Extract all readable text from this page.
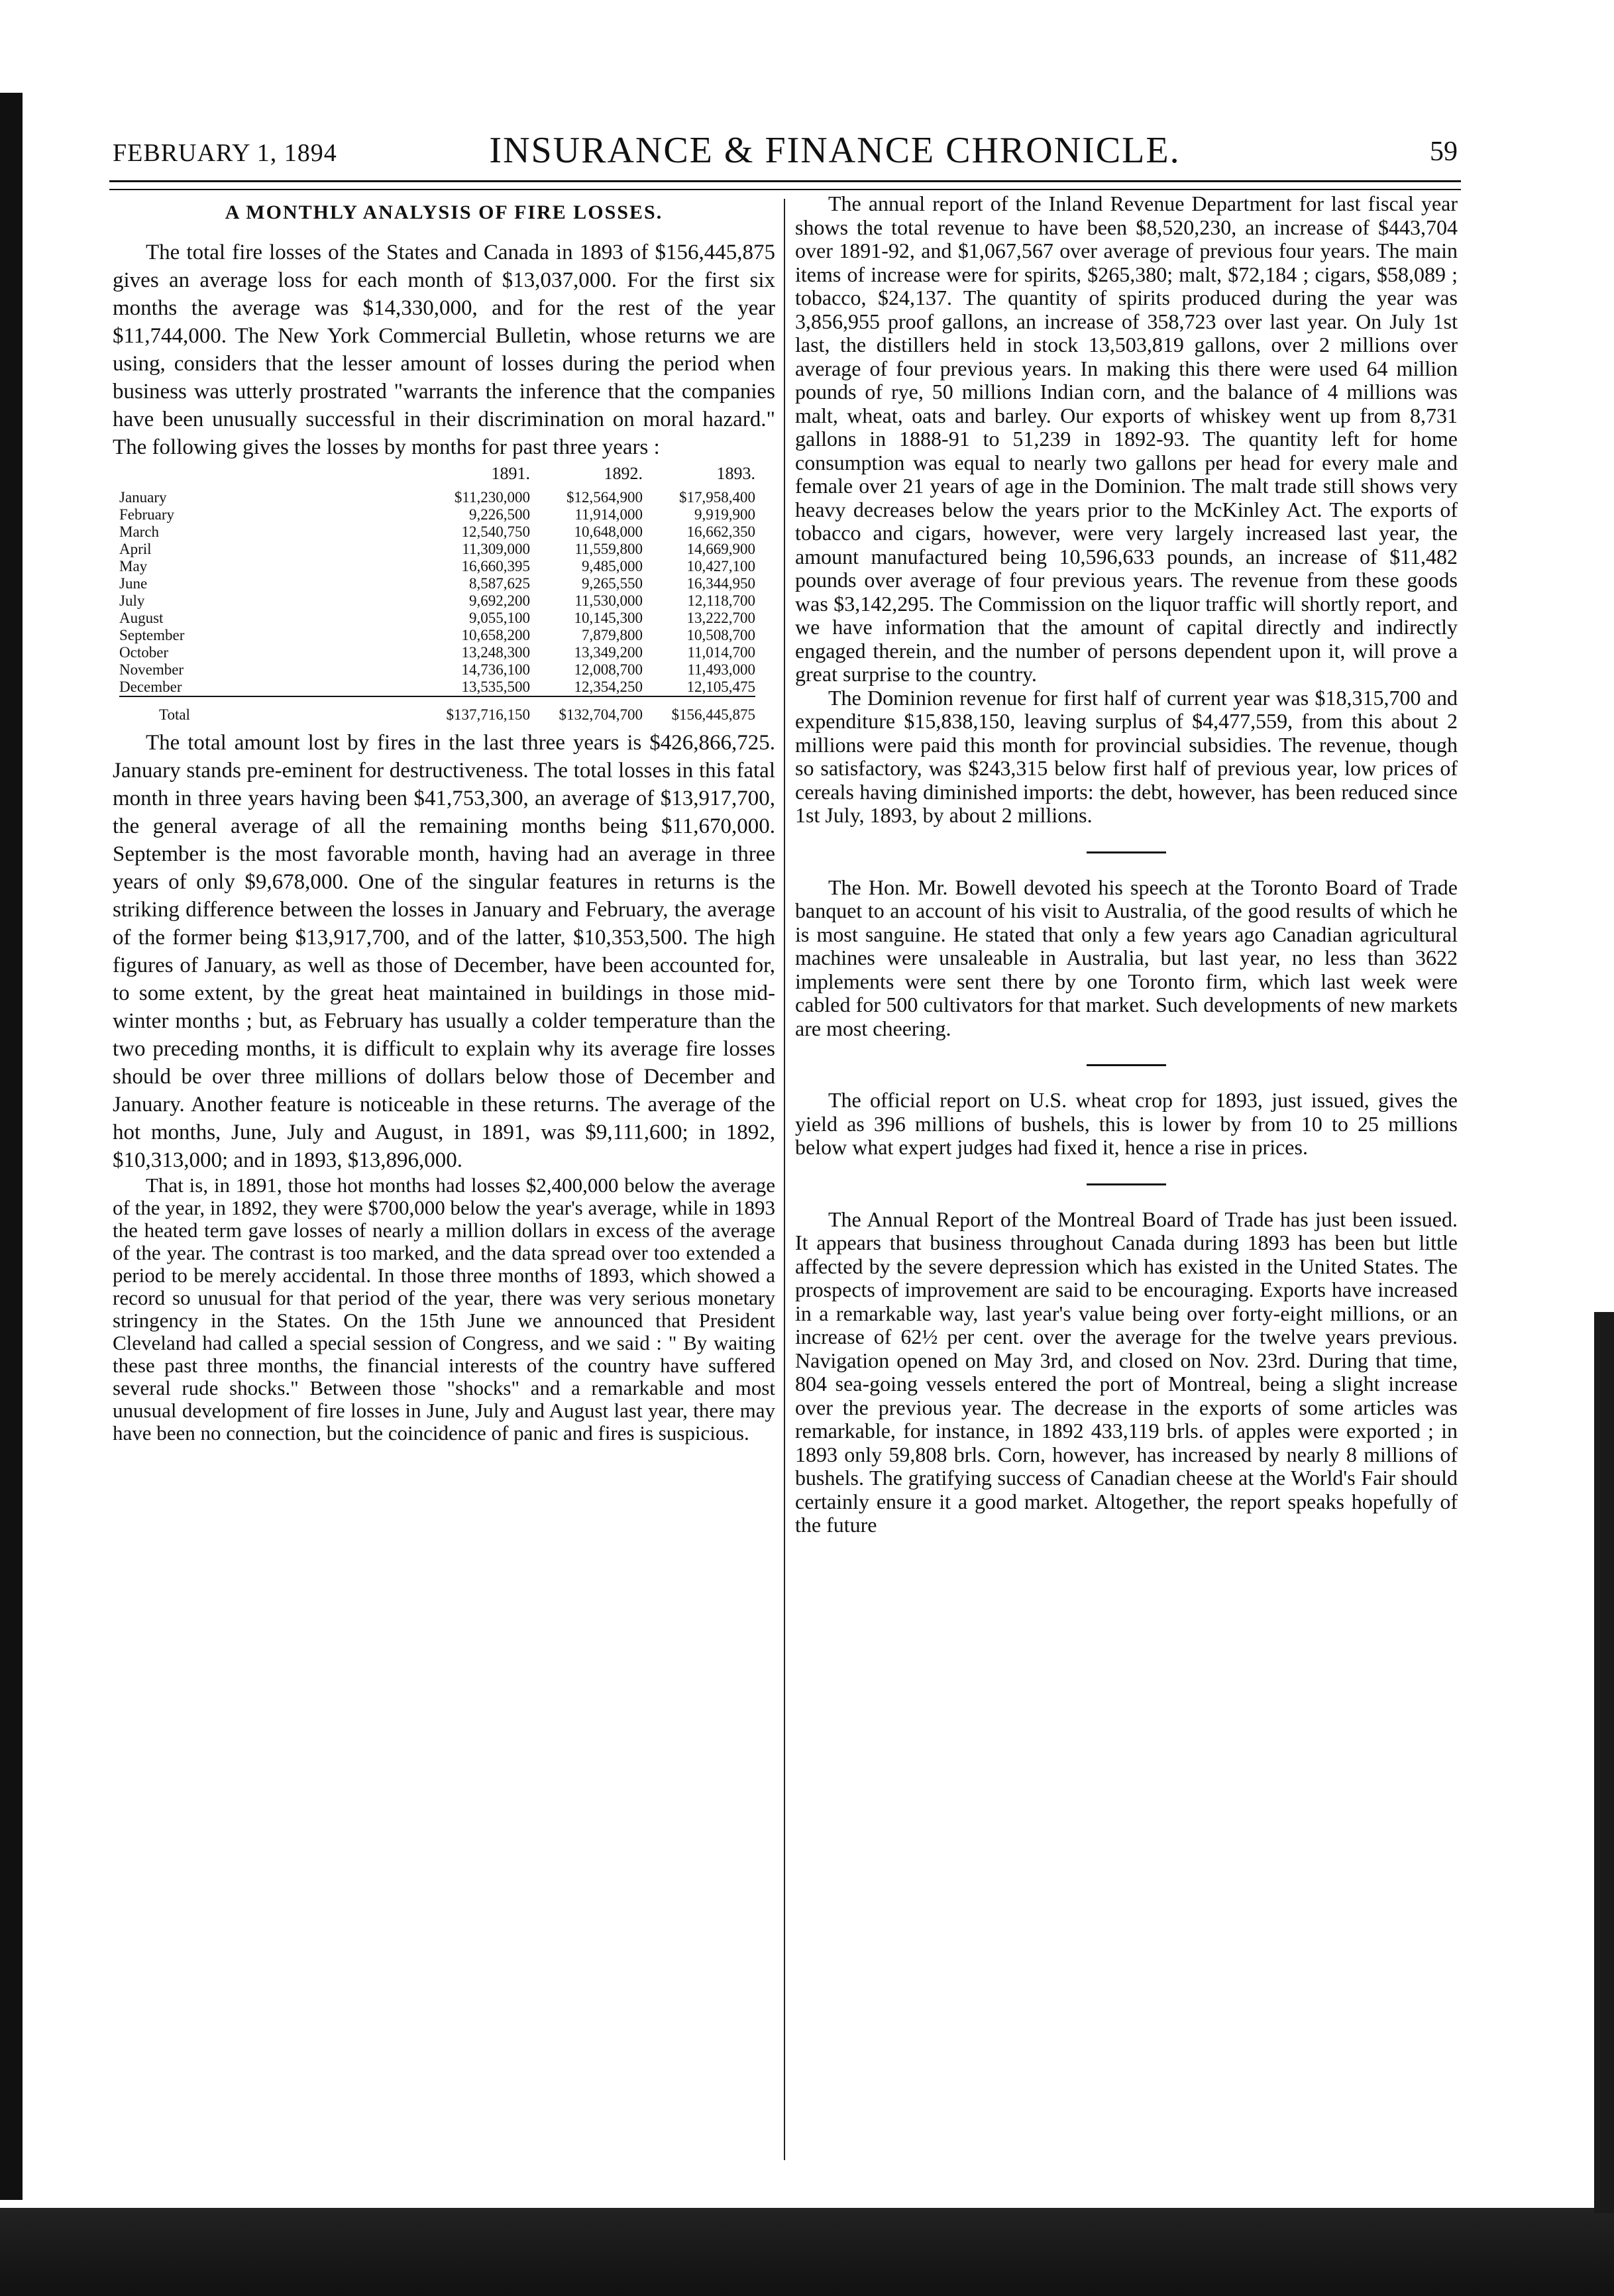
FEBRUARY 1, 1894	INSURANCE & FINANCE CHRONICLE.	59
A MONTHLY ANALYSIS OF FIRE LOSSES.

The total fire losses of the States and Canada in 1893 of $156,445,875 gives an average loss for each month of $13,037,000. For the first six months the average was $14,330,000, and for the rest of the year $11,744,000. The New York Commercial Bulletin, whose returns we are using, considers that the lesser amount of losses during the period when business was utterly prostrated "warrants the inference that the companies have been unusually successful in their discrimination on moral hazard." The following gives the losses by months for past three years :

	1891.	1892.	1893.
January	$11,230,000	$12,564,900	$17,958,400
February	9,226,500	11,914,000	9,919,900
March	12,540,750	10,648,000	16,662,350
April	11,309,000	11,559,800	14,669,900
May	16,660,395	9,485,000	10,427,100
June	8,587,625	9,265,550	16,344,950
July	9,692,200	11,530,000	12,118,700
August	9,055,100	10,145,300	13,222,700
September	10,658,200	7,879,800	10,508,700
October	13,248,300	13,349,200	11,014,700
November	14,736,100	12,008,700	11,493,000
December	13,535,500	12,354,250	12,105,475
Total	$137,716,150	$132,704,700	$156,445,875

The total amount lost by fires in the last three years is $426,866,725. January stands pre-eminent for destructiveness. The total losses in this fatal month in three years having been $41,753,300, an average of $13,917,700, the general average of all the remaining months being $11,670,000. September is the most favorable month, having had an average in three years of only $9,678,000. One of the singular features in returns is the striking difference between the losses in January and February, the average of the former being $13,917,700, and of the latter, $10,353,500. The high figures of January, as well as those of December, have been accounted for, to some extent, by the great heat maintained in buildings in those mid-winter months ; but, as February has usually a colder temperature than the two preceding months, it is difficult to explain why its average fire losses should be over three millions of dollars below those of December and January. Another feature is noticeable in these returns. The average of the hot months, June, July and August, in 1891, was $9,111,600; in 1892, $10,313,000; and in 1893, $13,896,000.

That is, in 1891, those hot months had losses $2,400,000 below the average of the year, in 1892, they were $700,000 below the year's average, while in 1893 the heated term gave losses of nearly a million dollars in excess of the average of the year. The contrast is too marked, and the data spread over too extended a period to be merely accidental. In those three months of 1893, which showed a record so unusual for that period of the year, there was very serious monetary stringency in the States. On the 15th June we announced that President Cleveland had called a special session of Congress, and we said : " By waiting these past three months, the financial interests of the country have suffered several rude shocks." Between those "shocks" and a remarkable and most unusual development of fire losses in June, July and August last year, there may have been no connection, but the coincidence of panic and fires is suspicious.

The annual report of the Inland Revenue Department for last fiscal year shows the total revenue to have been $8,520,230, an increase of $443,704 over 1891-92, and $1,067,567 over average of previous four years. The main items of increase were for spirits, $265,380; malt, $72,184 ; cigars, $58,089 ; tobacco, $24,137. The quantity of spirits produced during the year was 3,856,955 proof gallons, an increase of 358,723 over last year. On July 1st last, the distillers held in stock 13,503,819 gallons, over 2 millions over average of four previous years. In making this there were used 64 million pounds of rye, 50 millions Indian corn, and the balance of 4 millions was malt, wheat, oats and barley. Our exports of whiskey went up from 8,731 gallons in 1888-91 to 51,239 in 1892-93. The quantity left for home consumption was equal to nearly two gallons per head for every male and female over 21 years of age in the Dominion. The malt trade still shows very heavy decreases below the years prior to the McKinley Act. The exports of tobacco and cigars, however, were very largely increased last year, the amount manufactured being 10,596,633 pounds, an increase of $11,482 pounds over average of four previous years. The revenue from these goods was $3,142,295. The Commission on the liquor traffic will shortly report, and we have information that the amount of capital directly and indirectly engaged therein, and the number of persons dependent upon it, will prove a great surprise to the country.

The Dominion revenue for first half of current year was $18,315,700 and expenditure $15,838,150, leaving surplus of $4,477,559, from this about 2 millions were paid this month for provincial subsidies. The revenue, though so satisfactory, was $243,315 below first half of previous year, low prices of cereals having diminished imports: the debt, however, has been reduced since 1st July, 1893, by about 2 millions.

The Hon. Mr. Bowell devoted his speech at the Toronto Board of Trade banquet to an account of his visit to Australia, of the good results of which he is most sanguine. He stated that only a few years ago Canadian agricultural machines were unsaleable in Australia, but last year, no less than 3622 implements were sent there by one Toronto firm, which last week were cabled for 500 cultivators for that market. Such developments of new markets are most cheering.

The official report on U.S. wheat crop for 1893, just issued, gives the yield as 396 millions of bushels, this is lower by from 10 to 25 millions below what expert judges had fixed it, hence a rise in prices.

The Annual Report of the Montreal Board of Trade has just been issued. It appears that business throughout Canada during 1893 has been but little affected by the severe depression which has existed in the United States. The prospects of improvement are said to be encouraging. Exports have increased in a remarkable way, last year's value being over forty-eight millions, or an increase of 62½ per cent. over the average for the twelve years previous. Navigation opened on May 3rd, and closed on Nov. 23rd. During that time, 804 sea-going vessels entered the port of Montreal, being a slight increase over the previous year. The decrease in the exports of some articles was remarkable, for instance, in 1892 433,119 brls. of apples were exported ; in 1893 only 59,808 brls. Corn, however, has increased by nearly 8 millions of bushels. The gratifying success of Canadian cheese at the World's Fair should certainly ensure it a good market. Altogether, the report speaks hopefully of the future
